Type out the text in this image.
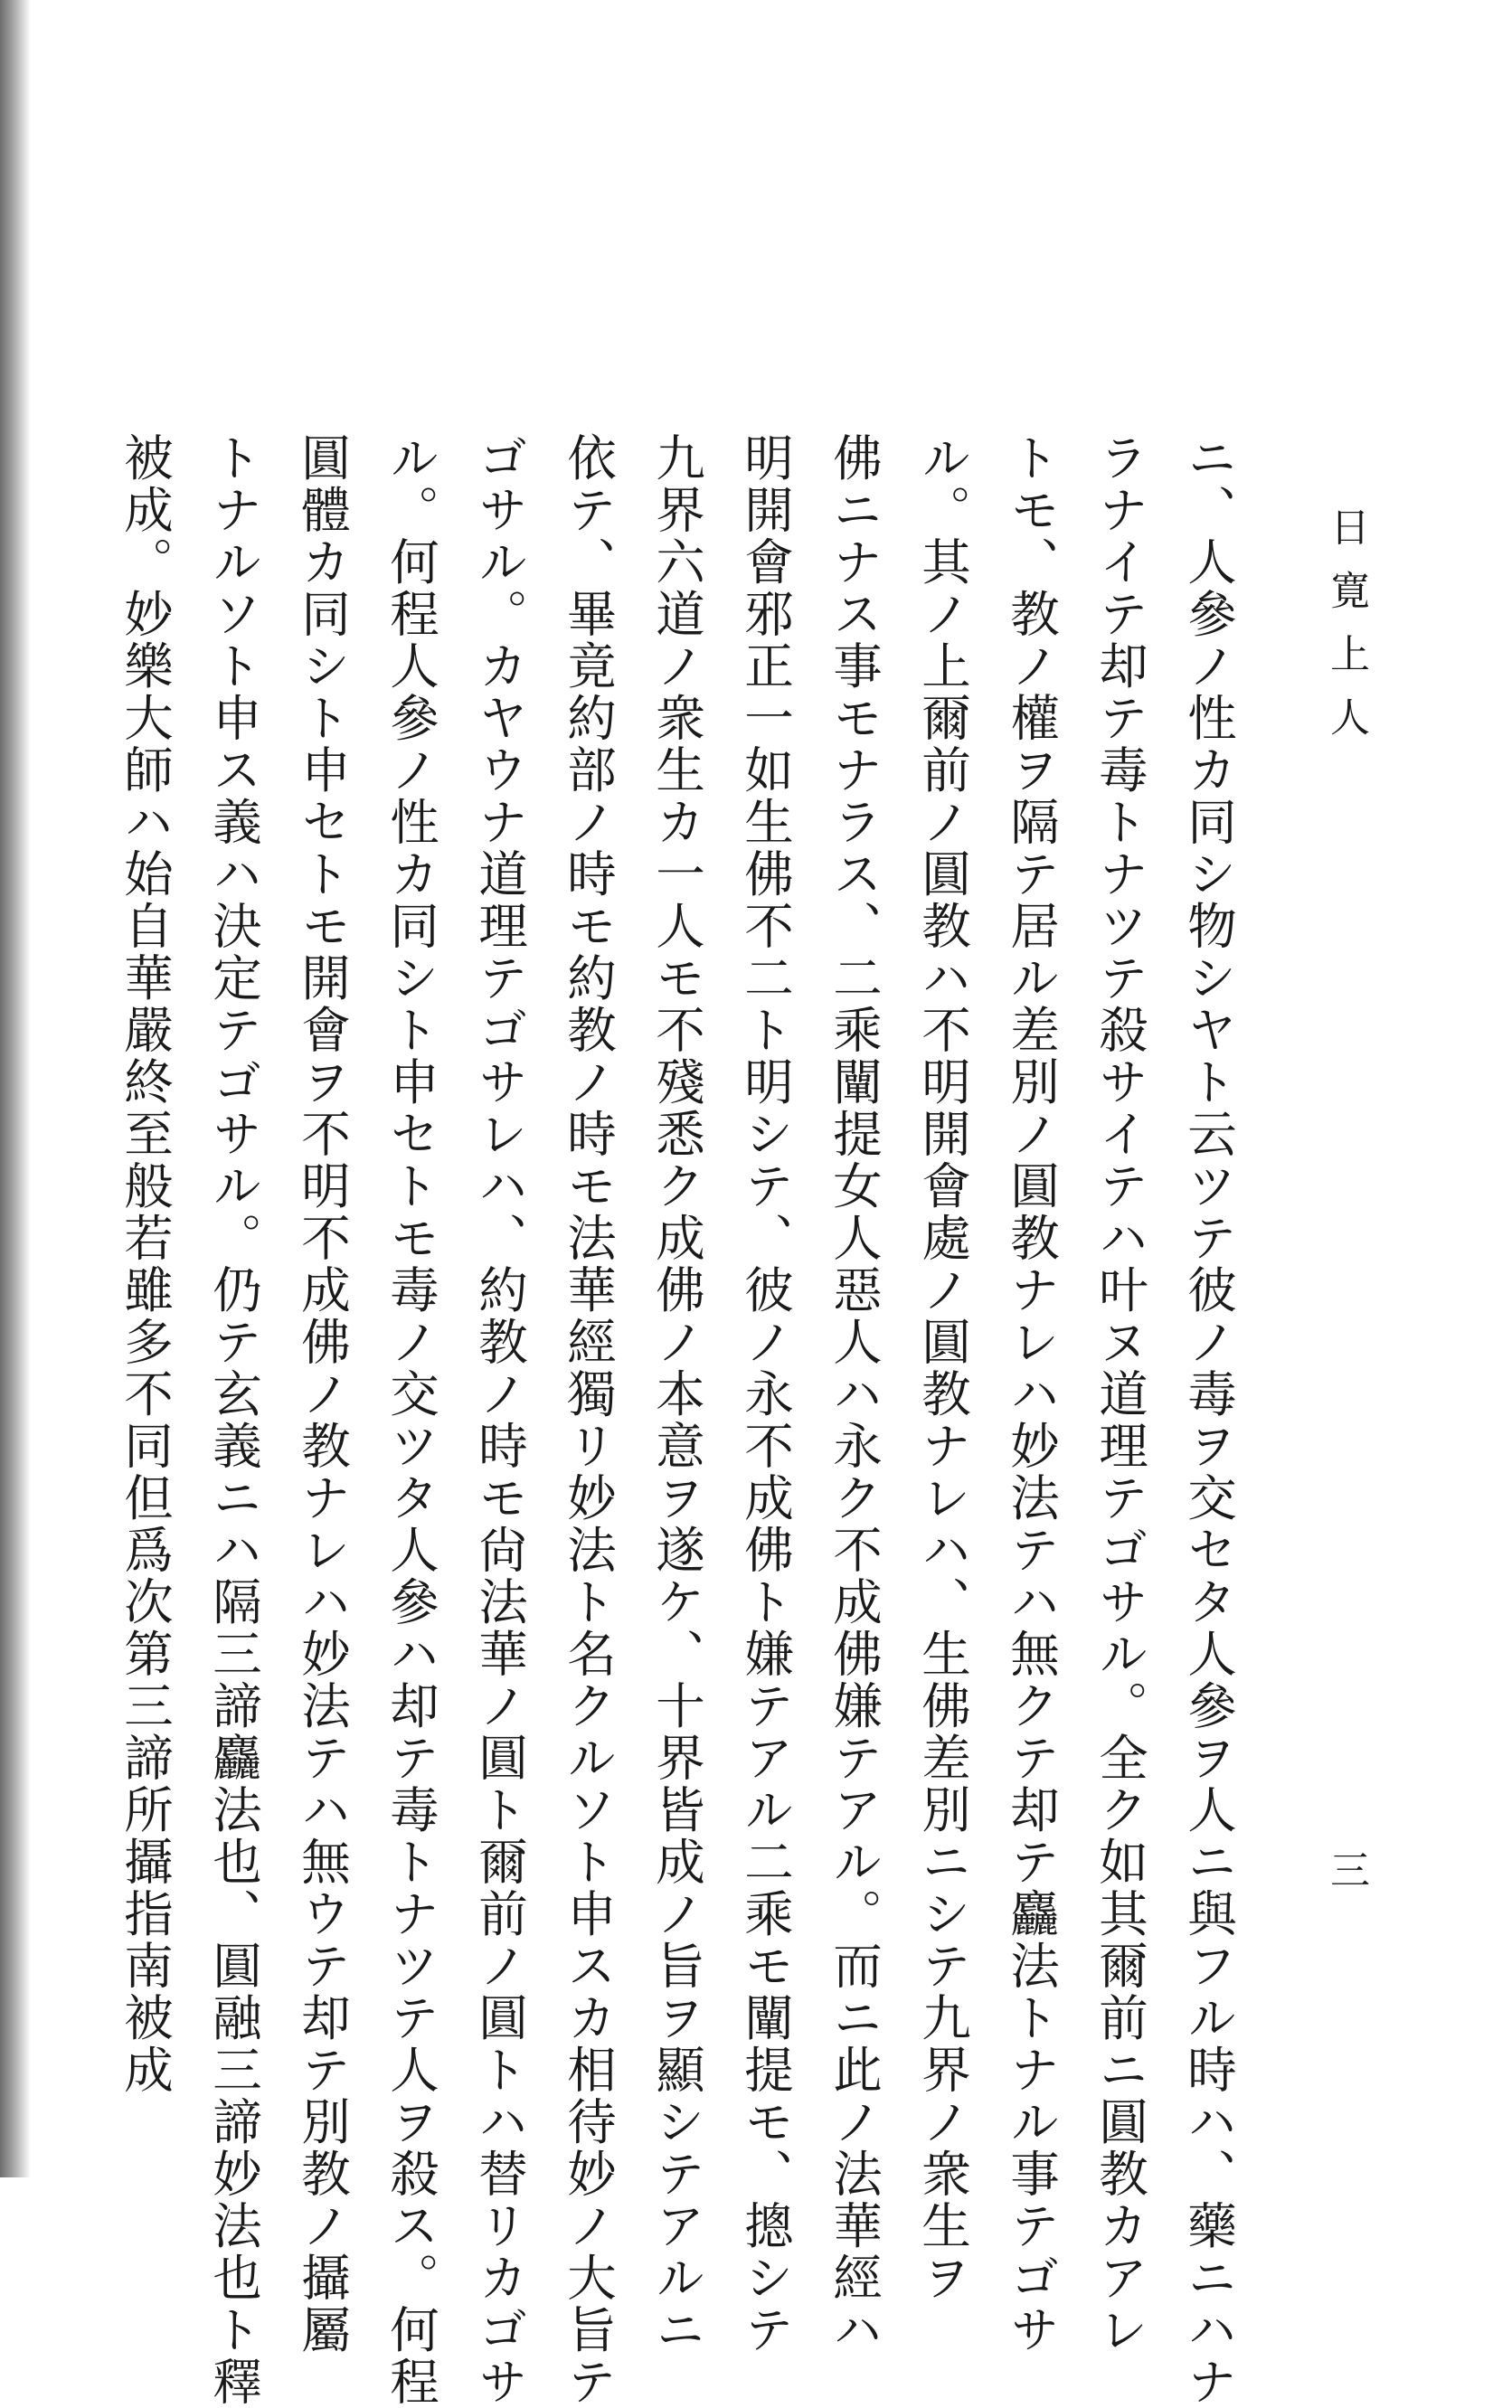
日寛上人
三

ニ、人參ノ性カ同シ物シヤト云ツテ彼ノ毒ヲ交セタ人參ヲ人ニ與フル時ハ、藥ニハナ

ラナイテ却テ毒トナツテ殺サイテハ叶ヌ道理テゴサル。全ク如其爾前ニ圓教カアレ

トモ、教ノ權ヲ隔テ居ル差別ノ圓教ナレハ妙法テハ無クテ却テ麤法トナル事テゴサ

ル。其ノ上爾前ノ圓教ハ不明開會處ノ圓教ナレハ、生佛差別ニシテ九界ノ衆生ヲ

佛ニナス事モナラス、二乘闡提女人惡人ハ永ク不成佛嫌テアル。而ニ此ノ法華經ハ

明開會邪正一如生佛不二ト明シテ、彼ノ永不成佛ト嫌テアル二乘モ闡提モ、摠シテ

九界六道ノ衆生カ一人モ不殘悉ク成佛ノ本意ヲ遂ケ、十界皆成ノ旨ヲ顯シテアルニ

依テ、畢竟約部ノ時モ約教ノ時モ法華經獨リ妙法ト名クルソト申スカ相待妙ノ大旨テ

ゴサル。カヤウナ道理テゴサレハ、約教ノ時モ尙法華ノ圓ト爾前ノ圓トハ替リカゴサ

ル。何程人參ノ性カ同シト申セトモ毒ノ交ツタ人參ハ却テ毒トナツテ人ヲ殺ス。何程

圓體カ同シト申セトモ開會ヲ不明不成佛ノ教ナレハ妙法テハ無ウテ却テ別教ノ攝屬

トナルソト申ス義ハ決定テゴサル。仍テ玄義ニハ隔三諦麤法也、圓融三諦妙法也ト釋

被成。妙樂大師ハ始自華嚴終至般若雖多不同但爲次第三諦所攝指南被成
